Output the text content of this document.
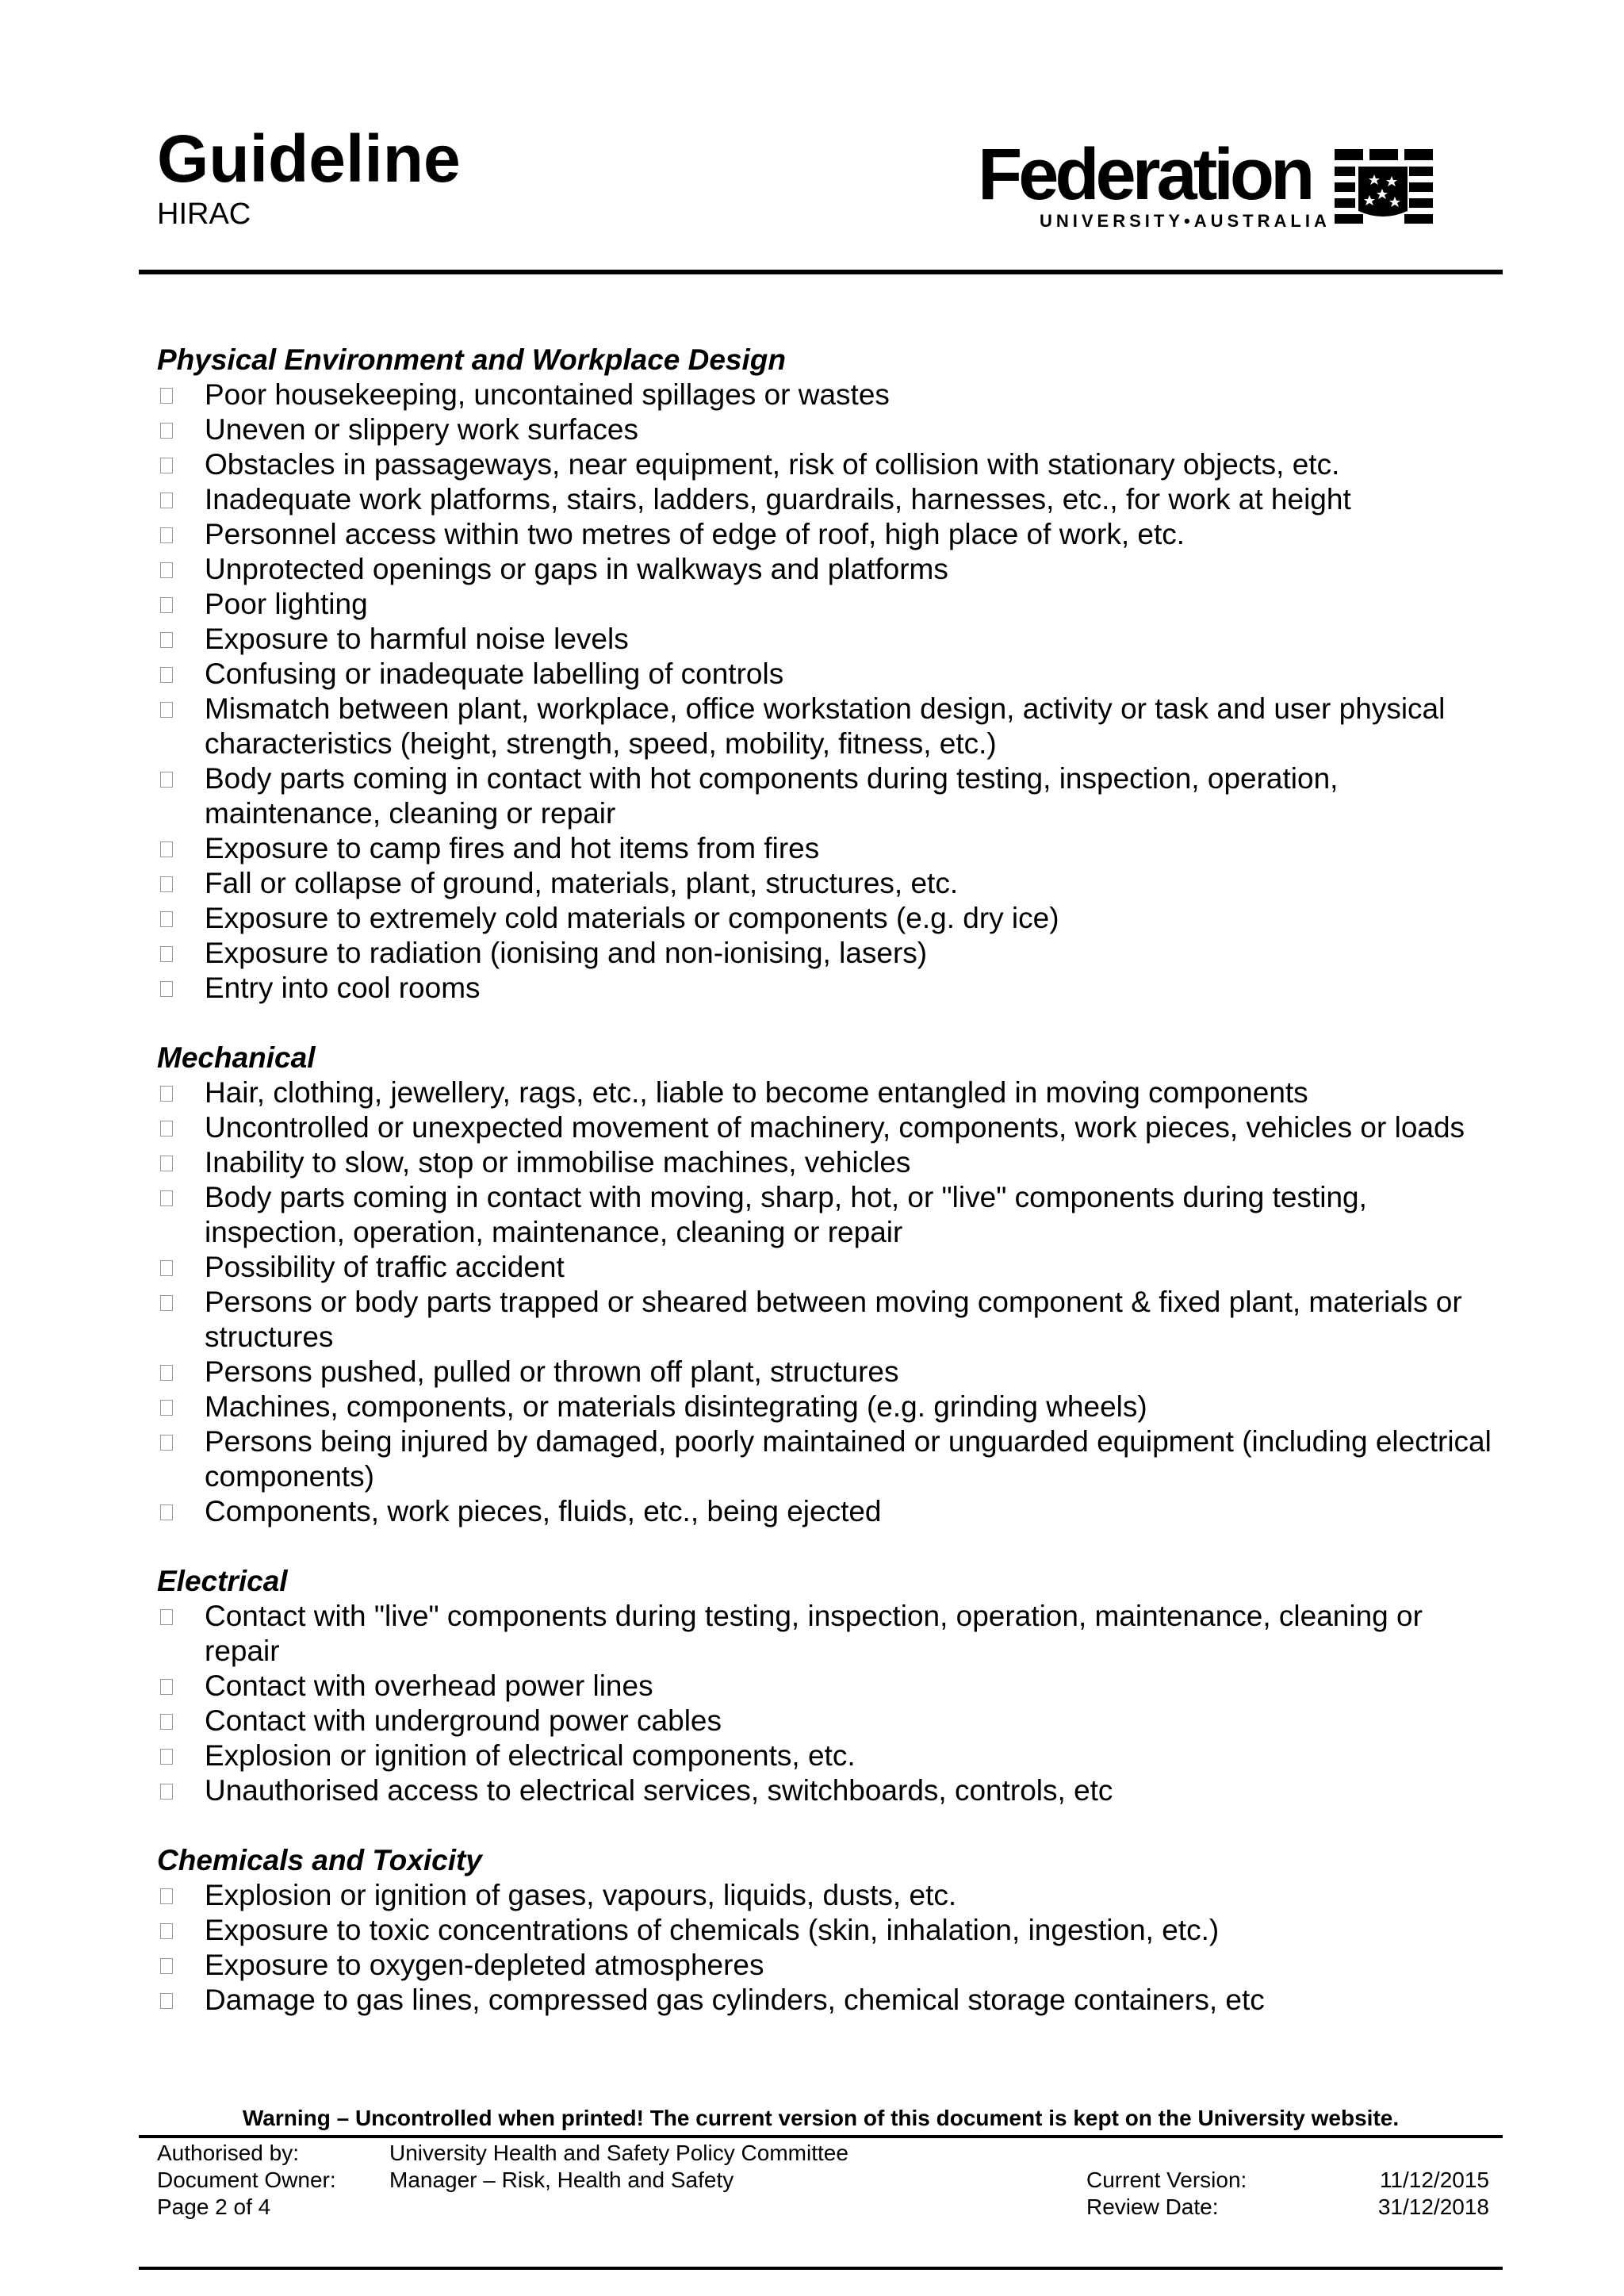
Guideline
HIRAC	Federation
UNIVERSITY•AUSTRALIA
Physical Environment and Workplace Design
Poor housekeeping, uncontained spillages or wastes
Uneven or slippery work surfaces
Obstacles in passageways, near equipment, risk of collision with stationary objects, etc.
Inadequate work platforms, stairs, ladders, guardrails, harnesses, etc., for work at height
Personnel access within two metres of edge of roof, high place of work, etc.
Unprotected openings or gaps in walkways and platforms
Poor lighting
Exposure to harmful noise levels
Confusing or inadequate labelling of controls
Mismatch between plant, workplace, office workstation design, activity or task and user physical characteristics (height, strength, speed, mobility, fitness, etc.)
Body parts coming in contact with hot components during testing, inspection, operation, maintenance, cleaning or repair
Exposure to camp fires and hot items from fires
Fall or collapse of ground, materials, plant, structures, etc.
Exposure to extremely cold materials or components (e.g. dry ice)
Exposure to radiation (ionising and non-ionising, lasers)
Entry into cool rooms
Mechanical
Hair, clothing, jewellery, rags, etc., liable to become entangled in moving components
Uncontrolled or unexpected movement of machinery, components, work pieces, vehicles or loads
Inability to slow, stop or immobilise machines, vehicles
Body parts coming in contact with moving, sharp, hot, or "live" components during testing, inspection, operation, maintenance, cleaning or repair
Possibility of traffic accident
Persons or body parts trapped or sheared between moving component & fixed plant, materials or structures
Persons pushed, pulled or thrown off plant, structures
Machines, components, or materials disintegrating (e.g. grinding wheels)
Persons being injured by damaged, poorly maintained or unguarded equipment (including electrical components)
Components, work pieces, fluids, etc., being ejected
Electrical
Contact with "live" components during testing, inspection, operation, maintenance, cleaning or repair
Contact with overhead power lines
Contact with underground power cables
Explosion or ignition of electrical components, etc.
Unauthorised access to electrical services, switchboards, controls, etc
Chemicals and Toxicity
Explosion or ignition of gases, vapours, liquids, dusts, etc.
Exposure to toxic concentrations of chemicals (skin, inhalation, ingestion, etc.)
Exposure to oxygen-depleted atmospheres
Damage to gas lines, compressed gas cylinders, chemical storage containers, etc
Warning – Uncontrolled when printed! The current version of this document is kept on the University website.
Authorised by:	University Health and Safety Policy Committee
Document Owner: Manager – Risk, Health and Safety	Current Version:	11/12/2015
Page 2 of 4	Review Date:	31/12/2018
